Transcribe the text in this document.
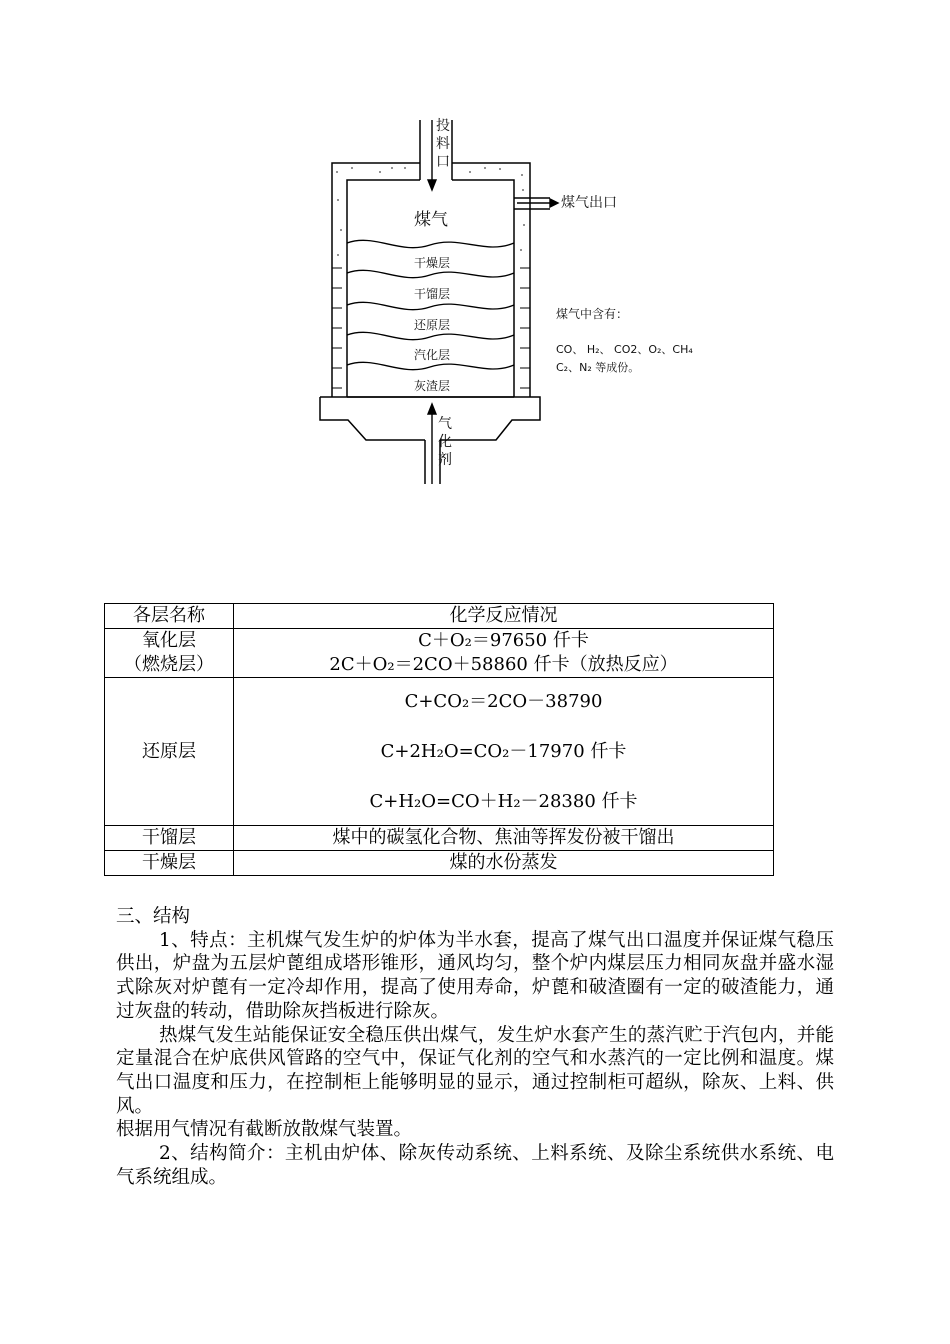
投
料
口
煤气
煤气出口
干燥层
干馏层
还原层
汽化层
灰渣层
气
化
剂
煤气中含有：
CO、 H₂、 CO2、O₂、CH₄
C₂、N₂ 等成份。
各层名称	化学反应情况

氧化层
（燃烧层）	C＋O₂＝97650 仟卡
2C＋O₂＝2CO＋58860 仟卡（放热反应）

还原层	C+CO₂＝2CO－38790
C+2H₂O=CO₂－17970 仟卡
C+H₂O=CO＋H₂－28380 仟卡

干馏层	煤中的碳氢化合物、焦油等挥发份被干馏出
干燥层	煤的水份蒸发

三、结构

1、特点：主机煤气发生炉的炉体为半水套，提高了煤气出口温度并保证煤气稳压供出，炉盘为五层炉蓖组成塔形锥形，通风均匀，整个炉内煤层压力相同灰盘并盛水湿式除灰对炉蓖有一定冷却作用，提高了使用寿命，炉蓖和破渣圈有一定的破渣能力，通过灰盘的转动，借助除灰挡板进行除灰。

热煤气发生站能保证安全稳压供出煤气，发生炉水套产生的蒸汽贮于汽包内，并能定量混合在炉底供风管路的空气中，保证气化剂的空气和水蒸汽的一定比例和温度。煤气出口温度和压力，在控制柜上能够明显的显示，通过控制柜可超纵，除灰、上料、供风。

根据用气情况有截断放散煤气装置。

2、结构简介：主机由炉体、除灰传动系统、上料系统、及除尘系统供水系统、电气系统组成。
